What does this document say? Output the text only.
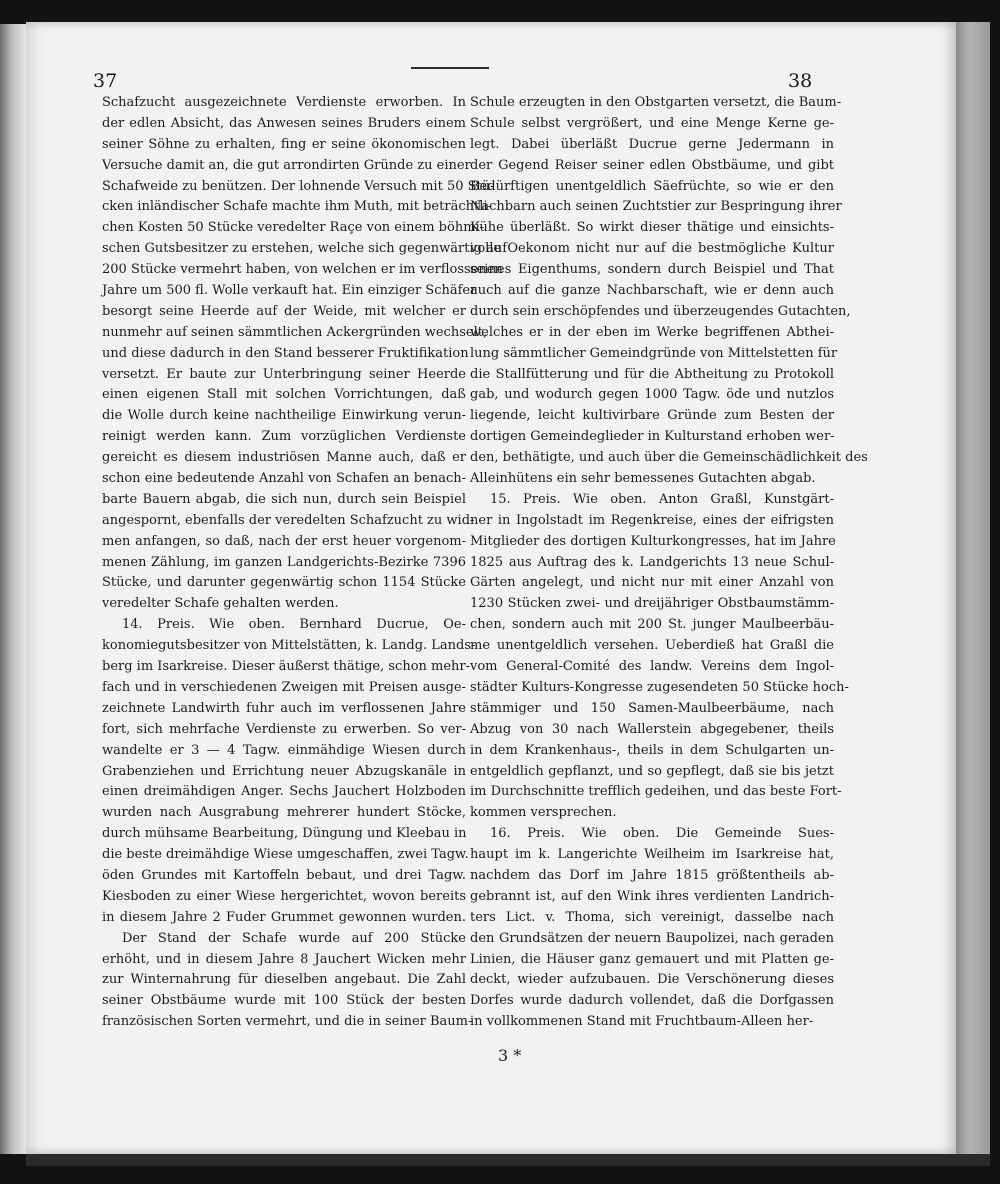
37	38
Schafzucht ausgezeichnete Verdienste erworben. In
der edlen Absicht, das Anwesen seines Bruders einem
seiner Söhne zu erhalten, fing er seine ökonomischen
Versuche damit an, die gut arrondirten Gründe zu einer
Schafweide zu benützen. Der lohnende Versuch mit 50 Stü-
cken inländischer Schafe machte ihm Muth, mit beträchtli-
chen Kosten 50 Stücke veredelter Raçe von einem böhmi-
schen Gutsbesitzer zu erstehen, welche sich gegenwärtig auf
200 Stücke vermehrt haben, von welchen er im verflossenen
Jahre um 500 fl. Wolle verkauft hat. Ein einziger Schäfer
besorgt seine Heerde auf der Weide, mit welcher er
nunmehr auf seinen sämmtlichen Ackergründen wechselt,
und diese dadurch in den Stand besserer Fruktifikation
versetzt. Er baute zur Unterbringung seiner Heerde
einen eigenen Stall mit solchen Vorrichtungen, daß
die Wolle durch keine nachtheilige Einwirkung verun-
reinigt werden kann. Zum vorzüglichen Verdienste
gereicht es diesem industriösen Manne auch, daß er
schon eine bedeutende Anzahl von Schafen an benach-
barte Bauern abgab, die sich nun, durch sein Beispiel
angespornt, ebenfalls der veredelten Schafzucht zu wid-
men anfangen, so daß, nach der erst heuer vorgenom-
menen Zählung, im ganzen Landgerichts-Bezirke 7396
Stücke, und darunter gegenwärtig schon 1154 Stücke
veredelter Schafe gehalten werden.
14. Preis. Wie oben. Bernhard Ducrue, Oe-
konomiegutsbesitzer von Mittelstätten, k. Landg. Lands-
berg im Isarkreise. Dieser äußerst thätige, schon mehr-
fach und in verschiedenen Zweigen mit Preisen ausge-
zeichnete Landwirth fuhr auch im verflossenen Jahre
fort, sich mehrfache Verdienste zu erwerben. So ver-
wandelte er 3 — 4 Tagw. einmähdige Wiesen durch
Grabenziehen und Errichtung neuer Abzugskanäle in
einen dreimähdigen Anger. Sechs Jauchert Holzboden
wurden nach Ausgrabung mehrerer hundert Stöcke,
durch mühsame Bearbeitung, Düngung und Kleebau in
die beste dreimähdige Wiese umgeschaffen, zwei Tagw.
öden Grundes mit Kartoffeln bebaut, und drei Tagw.
Kiesboden zu einer Wiese hergerichtet, wovon bereits
in diesem Jahre 2 Fuder Grummet gewonnen wurden.
Der Stand der Schafe wurde auf 200 Stücke
erhöht, und in diesem Jahre 8 Jauchert Wicken mehr
zur Winternahrung für dieselben angebaut. Die Zahl
seiner Obstbäume wurde mit 100 Stück der besten
französischen Sorten vermehrt, und die in seiner Baum-
Schule erzeugten in den Obstgarten versetzt, die Baum-
Schule selbst vergrößert, und eine Menge Kerne ge-
legt. Dabei überläßt Ducrue gerne Jedermann in
der Gegend Reiser seiner edlen Obstbäume, und gibt
Bedürftigen unentgeldlich Säefrüchte, so wie er den
Nachbarn auch seinen Zuchtstier zur Bespringung ihrer
Kühe überläßt. So wirkt dieser thätige und einsichts-
volle Oekonom nicht nur auf die bestmögliche Kultur
seines Eigenthums, sondern durch Beispiel und That
auch auf die ganze Nachbarschaft, wie er denn auch
durch sein erschöpfendes und überzeugendes Gutachten,
welches er in der eben im Werke begriffenen Abthei-
lung sämmtlicher Gemeindgründe von Mittelstetten für
die Stallfütterung und für die Abtheitung zu Protokoll
gab, und wodurch gegen 1000 Tagw. öde und nutzlos
liegende, leicht kultivirbare Gründe zum Besten der
dortigen Gemeindeglieder in Kulturstand erhoben wer-
den, bethätigte, und auch über die Gemeinschädlichkeit des
Alleinhütens ein sehr bemessenes Gutachten abgab.
15. Preis. Wie oben. Anton Graßl, Kunstgärt-
ner in Ingolstadt im Regenkreise, eines der eifrigsten
Mitglieder des dortigen Kulturkongresses, hat im Jahre
1825 aus Auftrag des k. Landgerichts 13 neue Schul-
Gärten angelegt, und nicht nur mit einer Anzahl von
1230 Stücken zwei- und dreijähriger Obstbaumstämm-
chen, sondern auch mit 200 St. junger Maulbeerbäu-
me unentgeldlich versehen. Ueberdieß hat Graßl die
vom General-Comité des landw. Vereins dem Ingol-
städter Kulturs-Kongresse zugesendeten 50 Stücke hoch-
stämmiger und 150 Samen-Maulbeerbäume, nach
Abzug von 30 nach Wallerstein abgegebener, theils
in dem Krankenhaus-, theils in dem Schulgarten un-
entgeldlich gepflanzt, und so gepflegt, daß sie bis jetzt
im Durchschnitte trefflich gedeihen, und das beste Fort-
kommen versprechen.
16. Preis. Wie oben. Die Gemeinde Sues-
haupt im k. Langerichte Weilheim im Isarkreise hat,
nachdem das Dorf im Jahre 1815 größtentheils ab-
gebrannt ist, auf den Wink ihres verdienten Landrich-
ters Lict. v. Thoma, sich vereinigt, dasselbe nach
den Grundsätzen der neuern Baupolizei, nach geraden
Linien, die Häuser ganz gemauert und mit Platten ge-
deckt, wieder aufzubauen. Die Verschönerung dieses
Dorfes wurde dadurch vollendet, daß die Dorfgassen
in vollkommenen Stand mit Fruchtbaum-Alleen her-
3 *
